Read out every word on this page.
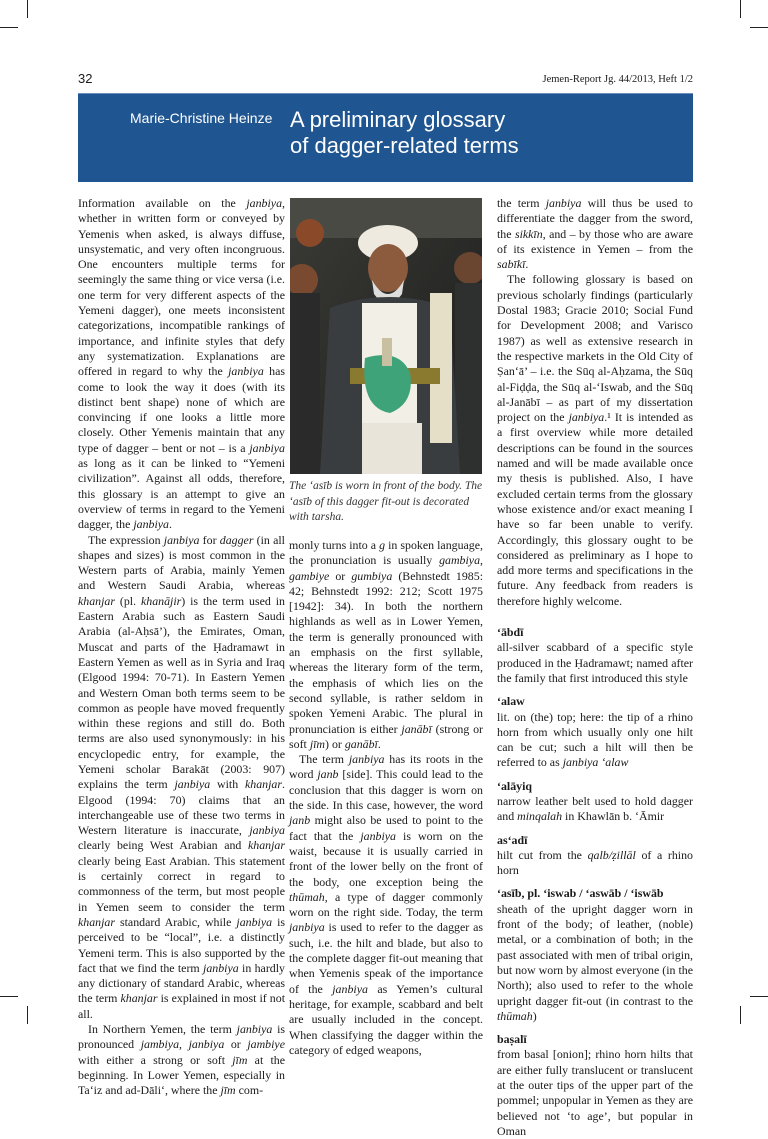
32	Jemen-Report Jg. 44/2013, Heft 1/2
Marie-Christine Heinze A preliminary glossary
of dagger-related terms

Information available on the janbiya, whether in written form or conveyed by Yemenis when asked, is always diffuse, unsystematic, and very often incongruous. One encounters multiple terms for seemingly the same thing or vice versa (i.e. one term for very different aspects of the Yemeni dagger), one meets inconsistent categorizations, incompatible rankings of importance, and infinite styles that defy any systematization. Explanations are offered in regard to why the janbiya has come to look the way it does (with its distinct bent shape) none of which are convincing if one looks a little more closely. Other Yemenis maintain that any type of dagger – bent or not – is a janbiya as long as it can be linked to “Yemeni civilization”. Against all odds, therefore, this glossary is an attempt to give an overview of terms in regard to the Yemeni dagger, the janbiya.

The expression janbiya for dagger (in all shapes and sizes) is most common in the Western parts of Arabia, mainly Yemen and Western Saudi Arabia, whereas khanjar (pl. khanājir) is the term used in Eastern Arabia such as Eastern Saudi Arabia (al-Aḥsā’), the Emirates, Oman, Muscat and parts of the Ḥadramawt in Eastern Yemen as well as in Syria and Iraq (Elgood 1994: 70-71). In Eastern Yemen and Western Oman both terms seem to be common as people have moved frequently within these regions and still do. Both terms are also used synonymously: in his encyclopedic entry, for example, the Yemeni scholar Barakāt (2003: 907) explains the term janbiya with khanjar. Elgood (1994: 70) claims that an interchangeable use of these two terms in Western literature is inaccurate, janbiya clearly being West Arabian and khanjar clearly being East Arabian. This statement is certainly correct in regard to commonness of the term, but most people in Yemen seem to consider the term khanjar standard Arabic, while janbiya is perceived to be “local”, i.e. a distinctly Yemeni term. This is also supported by the fact that we find the term janbiya in hardly any dictionary of standard Arabic, whereas the term khanjar is explained in most if not all.

In Northern Yemen, the term janbiya is pronounced jambiya, janbiya or jambiye with either a strong or soft jīm at the beginning. In Lower Yemen, especially in Ta‘iz and ad-Dāli‘, where the jīm com-

The ‘asīb is worn in front of the body. The ‘asīb of this dagger fit-out is decorated with tarsha.

monly turns into a g in spoken language, the pronunciation is usually gambiya, gambiye or gumbiya (Behnstedt 1985: 42; Behnstedt 1992: 212; Scott 1975 [1942]: 34). In both the northern highlands as well as in Lower Yemen, the term is generally pronounced with an emphasis on the first syllable, whereas the literary form of the term, the emphasis of which lies on the second syllable, is rather seldom in spoken Yemeni Arabic. The plural in pronunciation is either janābī (strong or soft jīm) or ganābī.

The term janbiya has its roots in the word janb [side]. This could lead to the conclusion that this dagger is worn on the side. In this case, however, the word janb might also be used to point to the fact that the janbiya is worn on the waist, because it is usually carried in front of the lower belly on the front of the body, one exception being the thūmah, a type of dagger commonly worn on the right side. Today, the term janbiya is used to refer to the dagger as such, i.e. the hilt and blade, but also to the complete dagger fit-out meaning that when Yemenis speak of the importance of the janbiya as Yemen’s cultural heritage, for example, scabbard and belt are usually included in the concept. When classifying the dagger within the category of edged weapons,

the term janbiya will thus be used to differentiate the dagger from the sword, the sikkīn, and – by those who are aware of its existence in Yemen – from the sabīkī.

The following glossary is based on previous scholarly findings (particularly Dostal 1983; Gracie 2010; Social Fund for Development 2008; and Varisco 1987) as well as extensive research in the respective markets in the Old City of Ṣan‘ā’ – i.e. the Sūq al-Aḥzama, the Sūq al-Fiḍḍa, the Sūq al-‘Iswab, and the Sūq al-Janābī – as part of my dissertation project on the janbiya.¹ It is intended as a first overview while more detailed descriptions can be found in the sources named and will be made available once my thesis is published. Also, I have excluded certain terms from the glossary whose existence and/or exact meaning I have so far been unable to verify. Accordingly, this glossary ought to be considered as preliminary as I hope to add more terms and specifications in the future. Any feedback from readers is therefore highly welcome.

‘ābdī
all-silver scabbard of a specific style produced in the Ḥadramawt; named after the family that first introduced this style
‘alaw
lit. on (the) top; here: the tip of a rhino horn from which usually only one hilt can be cut; such a hilt will then be referred to as janbiya ‘alaw
‘alāyiq
narrow leather belt used to hold dagger and minqalah in Khawlān b. ‘Āmir
as‘adī
hilt cut from the qalb/ẓillāl of a rhino horn
‘asīb, pl. ‘iswab / ‘aswāb / ‘iswāb
sheath of the upright dagger worn in front of the body; of leather, (noble) metal, or a combination of both; in the past associated with men of tribal origin, but now worn by almost everyone (in the North); also used to refer to the whole upright dagger fit-out (in contrast to the thūmah)
baṣalī
from basal [onion]; rhino horn hilts that are either fully translucent or translucent at the outer tips of the upper part of the pommel; unpopular in Yemen as they are believed not ‘to age’, but popular in Oman
